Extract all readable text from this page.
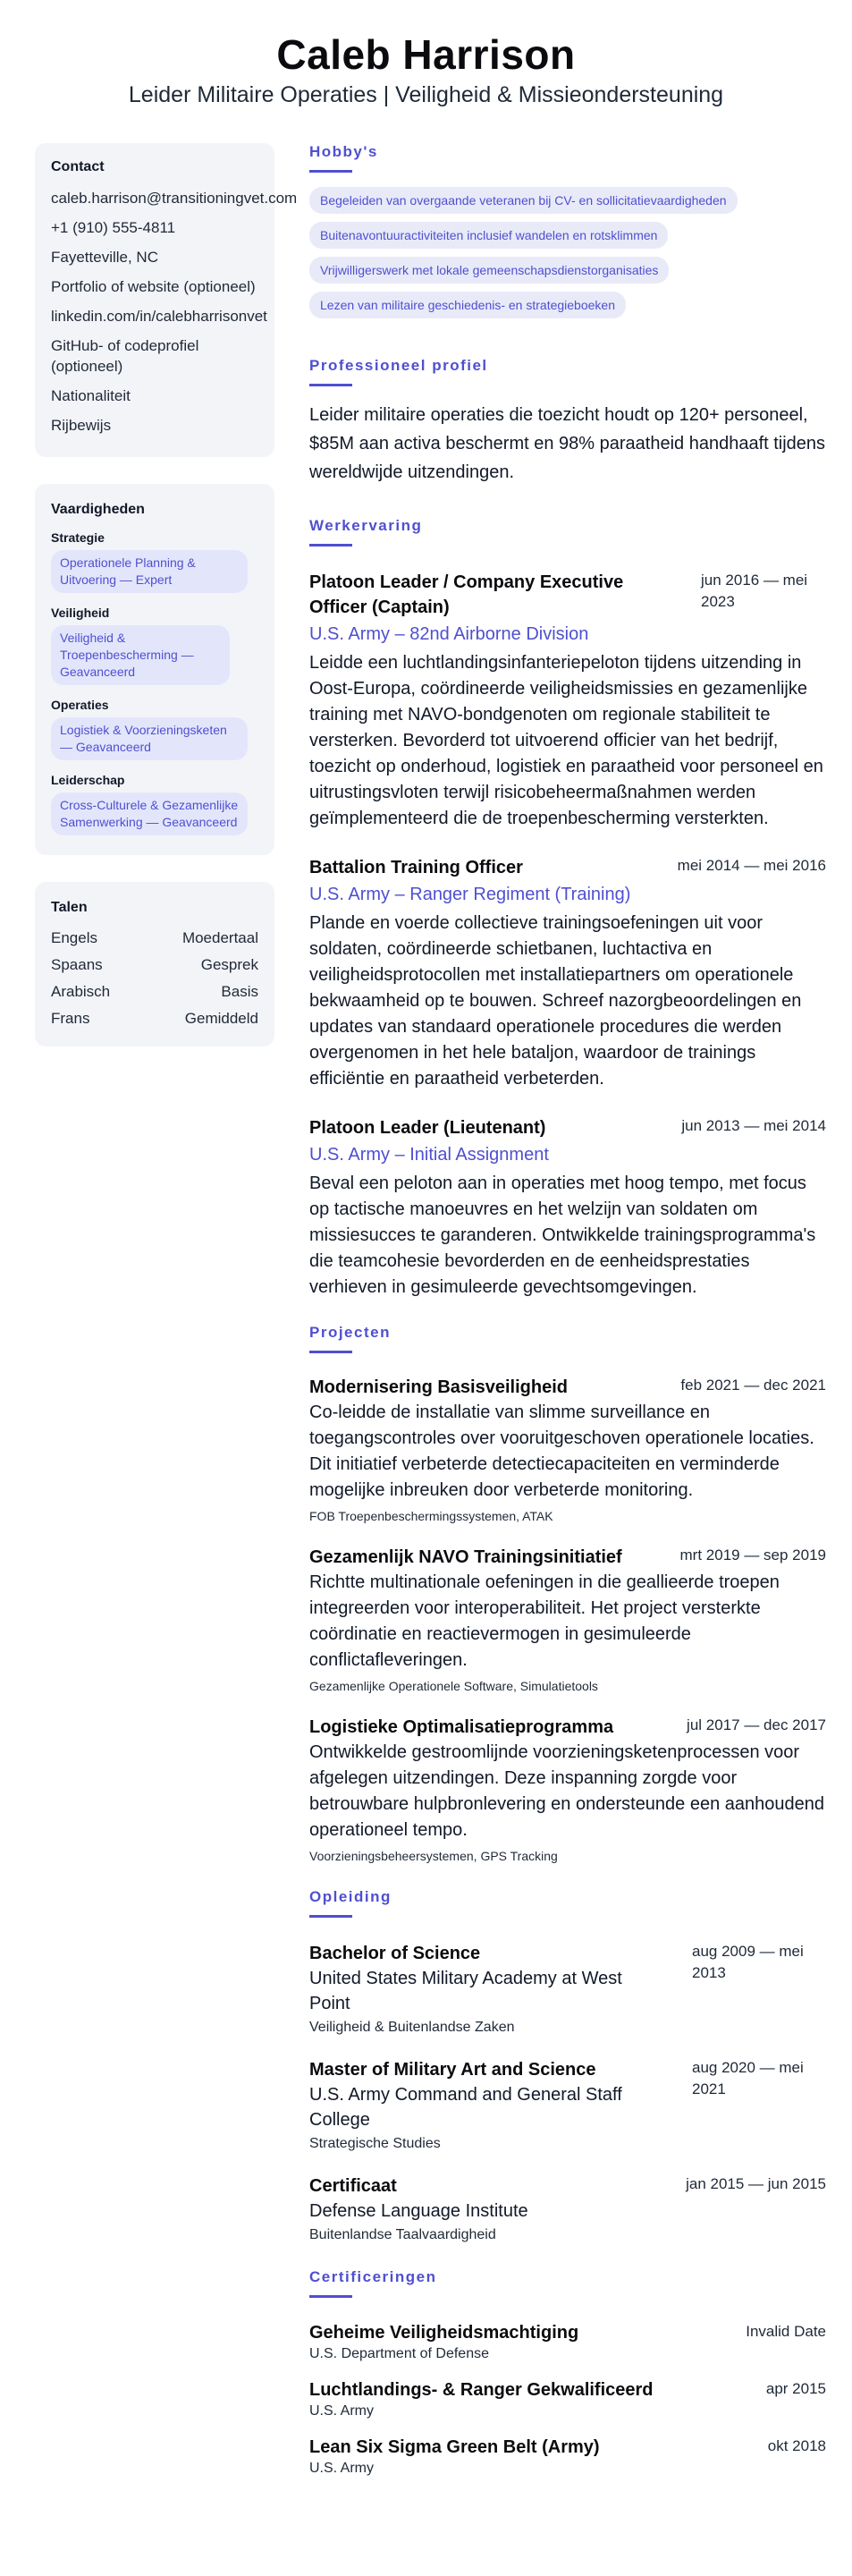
Caleb Harrison
Leider Militaire Operaties | Veiligheid & Missieondersteuning
Contact
caleb.harrison@transitioningvet.com
+1 (910) 555-4811
Fayetteville, NC
Portfolio of website (optioneel)
linkedin.com/in/calebharrisonvet
GitHub- of codeprofiel (optioneel)
Nationaliteit
Rijbewijs
Vaardigheden
Strategie
Operationele Planning & Uitvoering — Expert
Veiligheid
Veiligheid & Troepenbescherming — Geavanceerd
Operaties
Logistiek & Voorzieningsketen — Geavanceerd
Leiderschap
Cross-Culturele & Gezamenlijke Samenwerking — Geavanceerd
Talen
Engels	Moedertaal
Spaans	Gesprek
Arabisch	Basis
Frans	Gemiddeld
Hobby's
Begeleiden van overgaande veteranen bij CV- en sollicitatievaardigheden
Buitenavontuuractiviteiten inclusief wandelen en rotsklimmen
Vrijwilligerswerk met lokale gemeenschapsdienstorganisaties
Lezen van militaire geschiedenis- en strategieboeken
Professioneel profiel
Leider militaire operaties die toezicht houdt op 120+ personeel, $85M aan activa beschermt en 98% paraatheid handhaaft tijdens wereldwijde uitzendingen.
Werkervaring
Platoon Leader / Company Executive Officer (Captain)
jun 2016 — mei 2023
U.S. Army – 82nd Airborne Division
Leidde een luchtlandingsinfanteriepeloton tijdens uitzending in Oost-Europa, coördineerde veiligheidsmissies en gezamenlijke training met NAVO-bondgenoten om regionale stabiliteit te versterken. Bevorderd tot uitvoerend officier van het bedrijf, toezicht op onderhoud, logistiek en paraatheid voor personeel en uitrustingsvloten terwijl risicobeheermaßnahmen werden geïmplementeerd die de troepenbescherming versterkten.
Battalion Training Officer	mei 2014 — mei 2016
U.S. Army – Ranger Regiment (Training)
Plande en voerde collectieve trainingsoefeningen uit voor soldaten, coördineerde schietbanen, luchtactiva en veiligheidsprotocollen met installatiepartners om operationele bekwaamheid op te bouwen. Schreef nazorgbeoordelingen en updates van standaard operationele procedures die werden overgenomen in het hele bataljon, waardoor de trainings efficiëntie en paraatheid verbeterden.
Platoon Leader (Lieutenant)	jun 2013 — mei 2014
U.S. Army – Initial Assignment
Beval een peloton aan in operaties met hoog tempo, met focus op tactische manoeuvres en het welzijn van soldaten om missiesucces te garanderen. Ontwikkelde trainingsprogramma's die teamcohesie bevorderden en de eenheidsprestaties verhieven in gesimuleerde gevechtsomgevingen.
Projecten
Modernisering Basisveiligheid	feb 2021 — dec 2021
Co-leidde de installatie van slimme surveillance en toegangscontroles over vooruitgeschoven operationele locaties. Dit initiatief verbeterde detectiecapaciteiten en verminderde mogelijke inbreuken door verbeterde monitoring.
FOB Troepenbeschermingssystemen, ATAK
Gezamenlijk NAVO Trainingsinitiatief	mrt 2019 — sep 2019
Richtte multinationale oefeningen in die geallieerde troepen integreerden voor interoperabiliteit. Het project versterkte coördinatie en reactievermogen in gesimuleerde conflictafleveringen.
Gezamenlijke Operationele Software, Simulatietools
Logistieke Optimalisatieprogramma	jul 2017 — dec 2017
Ontwikkelde gestroomlijnde voorzieningsketenprocessen voor afgelegen uitzendingen. Deze inspanning zorgde voor betrouwbare hulpbronlevering en ondersteunde een aanhoudend operationeel tempo.
Voorzieningsbeheersystemen, GPS Tracking
Opleiding
Bachelor of Science
United States Military Academy at West Point
Veiligheid & Buitenlandse Zaken
aug 2009 — mei 2013
Master of Military Art and Science
U.S. Army Command and General Staff College
Strategische Studies
aug 2020 — mei 2021
Certificaat
Defense Language Institute
Buitenlandse Taalvaardigheid
jan 2015 — jun 2015
Certificeringen
Geheime Veiligheidsmachtiging	Invalid Date
U.S. Department of Defense
Luchtlandings- & Ranger Gekwalificeerd	apr 2015
U.S. Army
Lean Six Sigma Green Belt (Army)	okt 2018
U.S. Army
